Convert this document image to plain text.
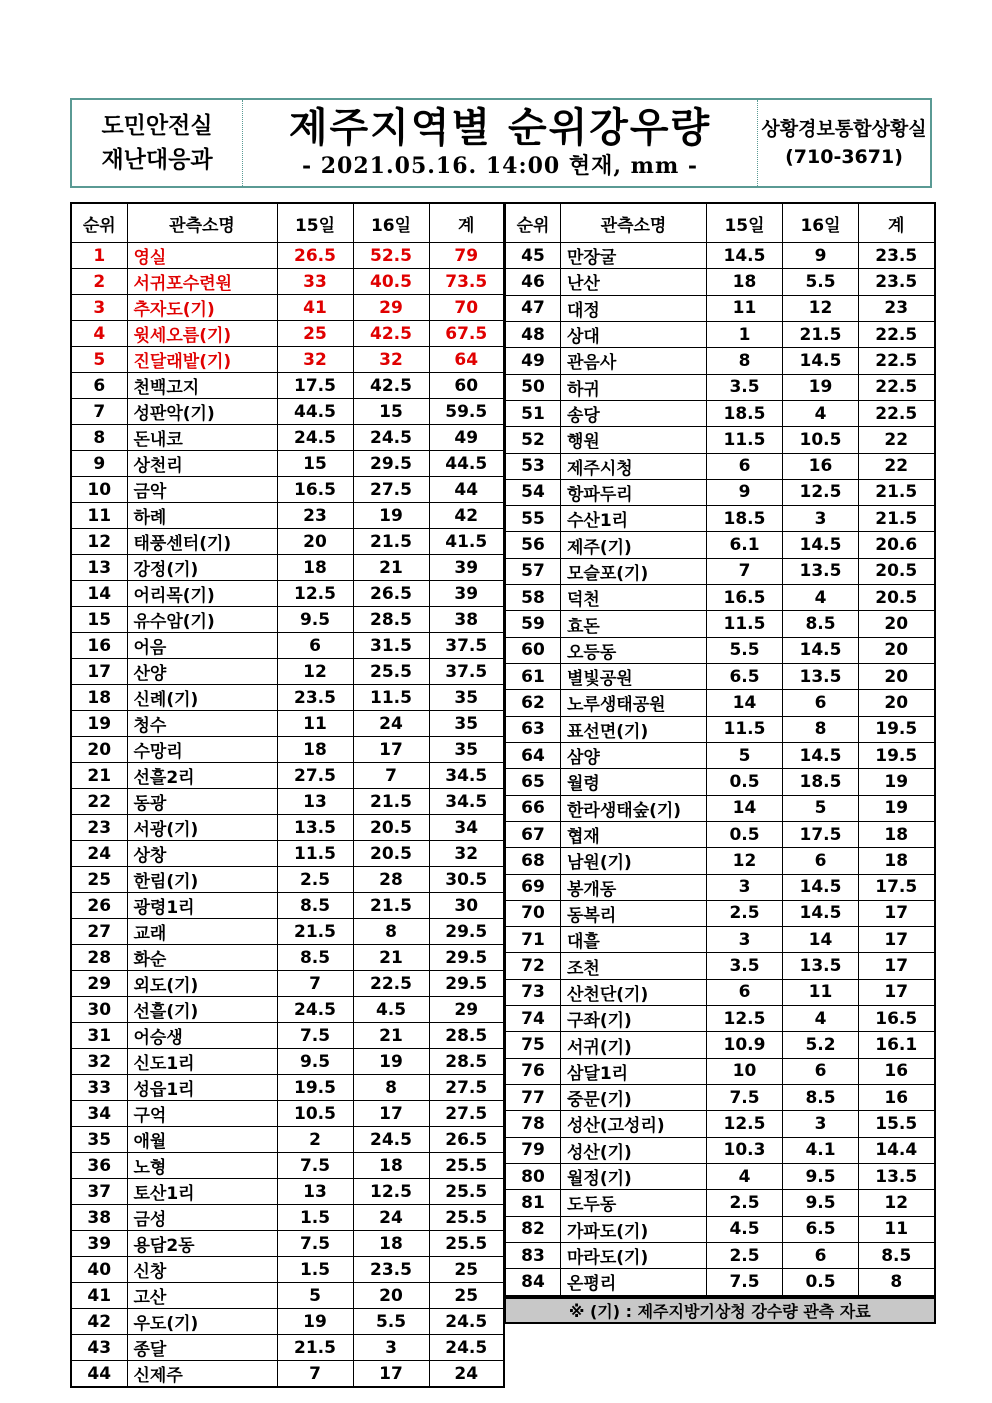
도민안전실
재난대응과
제주지역별 순위강우량
- 2021.05.16. 14:00 현재, mm -
상황경보통합상황실
(710-3671)
순위	관측소명	15일	16일	계
1	영실	26.5	52.5	79
2	서귀포수련원	33	40.5	73.5
3	추자도(기)	41	29	70
4	윗세오름(기)	25	42.5	67.5
5	진달래밭(기)	32	32	64
6	천백고지	17.5	42.5	60
7	성판악(기)	44.5	15	59.5
8	돈내코	24.5	24.5	49
9	상천리	15	29.5	44.5
10	금악	16.5	27.5	44
11	하례	23	19	42
12	태풍센터(기)	20	21.5	41.5
13	강정(기)	18	21	39
14	어리목(기)	12.5	26.5	39
15	유수암(기)	9.5	28.5	38
16	어음	6	31.5	37.5
17	산양	12	25.5	37.5
18	신례(기)	23.5	11.5	35
19	청수	11	24	35
20	수망리	18	17	35
21	선흘2리	27.5	7	34.5
22	동광	13	21.5	34.5
23	서광(기)	13.5	20.5	34
24	상창	11.5	20.5	32
25	한림(기)	2.5	28	30.5
26	광령1리	8.5	21.5	30
27	교래	21.5	8	29.5
28	화순	8.5	21	29.5
29	외도(기)	7	22.5	29.5
30	선흘(기)	24.5	4.5	29
31	어승생	7.5	21	28.5
32	신도1리	9.5	19	28.5
33	성읍1리	19.5	8	27.5
34	구억	10.5	17	27.5
35	애월	2	24.5	26.5
36	노형	7.5	18	25.5
37	토산1리	13	12.5	25.5
38	금성	1.5	24	25.5
39	용담2동	7.5	18	25.5
40	신창	1.5	23.5	25
41	고산	5	20	25
42	우도(기)	19	5.5	24.5
43	종달	21.5	3	24.5
44	신제주	7	17	24
순위	관측소명	15일	16일	계
45	만장굴	14.5	9	23.5
46	난산	18	5.5	23.5
47	대정	11	12	23
48	상대	1	21.5	22.5
49	관음사	8	14.5	22.5
50	하귀	3.5	19	22.5
51	송당	18.5	4	22.5
52	행원	11.5	10.5	22
53	제주시청	6	16	22
54	항파두리	9	12.5	21.5
55	수산1리	18.5	3	21.5
56	제주(기)	6.1	14.5	20.6
57	모슬포(기)	7	13.5	20.5
58	덕천	16.5	4	20.5
59	효돈	11.5	8.5	20
60	오등동	5.5	14.5	20
61	별빛공원	6.5	13.5	20
62	노루생태공원	14	6	20
63	표선면(기)	11.5	8	19.5
64	삼양	5	14.5	19.5
65	월령	0.5	18.5	19
66	한라생태숲(기)	14	5	19
67	협재	0.5	17.5	18
68	남원(기)	12	6	18
69	봉개동	3	14.5	17.5
70	동복리	2.5	14.5	17
71	대흘	3	14	17
72	조천	3.5	13.5	17
73	산천단(기)	6	11	17
74	구좌(기)	12.5	4	16.5
75	서귀(기)	10.9	5.2	16.1
76	삼달1리	10	6	16
77	중문(기)	7.5	8.5	16
78	성산(고성리)	12.5	3	15.5
79	성산(기)	10.3	4.1	14.4
80	월정(기)	4	9.5	13.5
81	도두동	2.5	9.5	12
82	가파도(기)	4.5	6.5	11
83	마라도(기)	2.5	6	8.5
84	온평리	7.5	0.5	8

※ (기) : 제주지방기상청 강수량 관측 자료				
